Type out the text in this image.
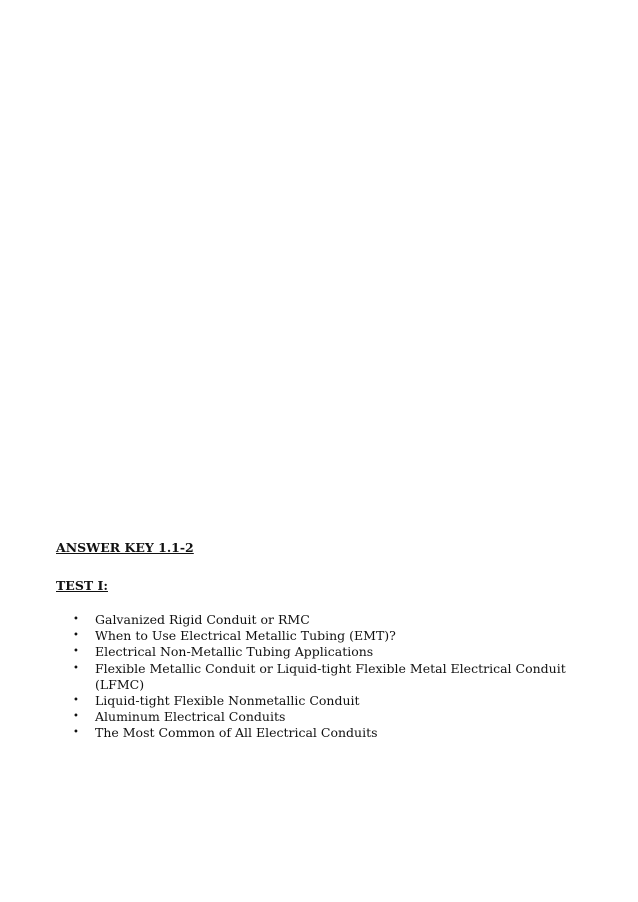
ANSWER KEY 1.1-2

TEST I:

• Galvanized Rigid Conduit or RMC
• When to Use Electrical Metallic Tubing (EMT)?
• Electrical Non-Metallic Tubing Applications
• Flexible Metallic Conduit or Liquid-tight Flexible Metal Electrical Conduit (LFMC)
• Liquid-tight Flexible Nonmetallic Conduit
• Aluminum Electrical Conduits
• The Most Common of All Electrical Conduits
